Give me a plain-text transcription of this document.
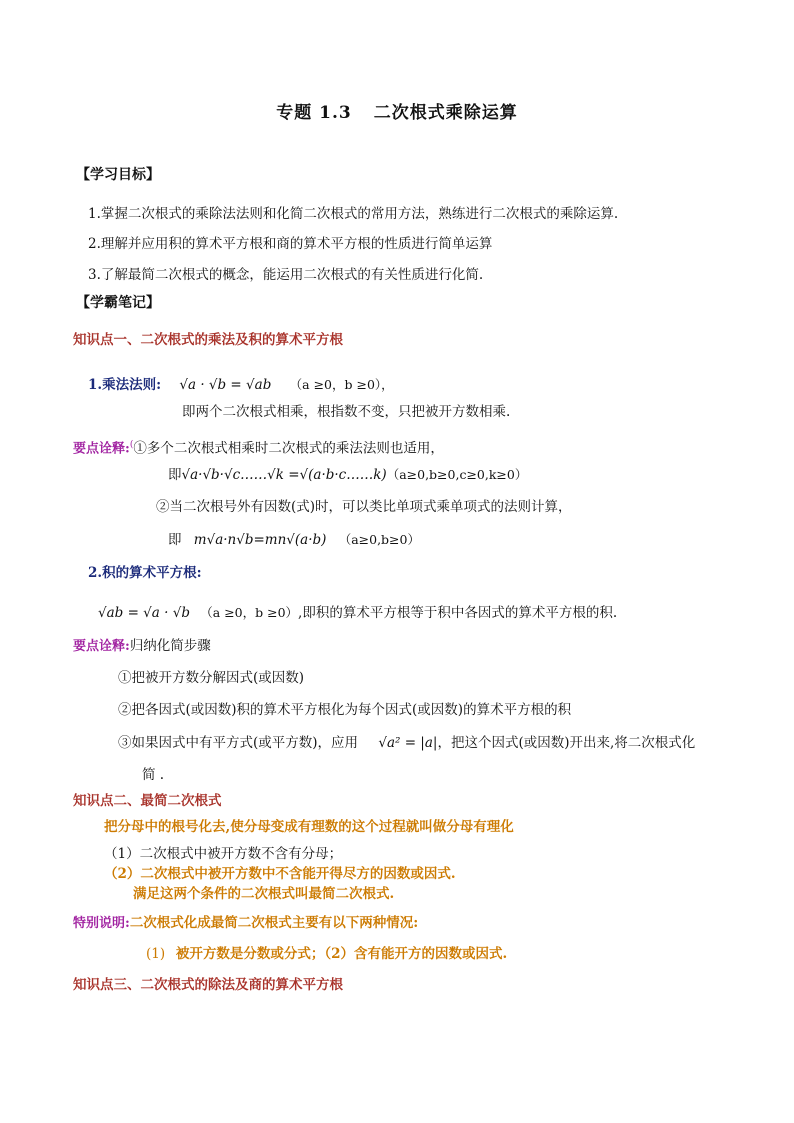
专题 1.3 二次根式乘除运算
【学习目标】
1.掌握二次根式的乘除法法则和化简二次根式的常用方法，熟练进行二次根式的乘除运算.
2.理解并应用积的算术平方根和商的算术平方根的性质进行简单运算
3.了解最简二次根式的概念，能运用二次根式的有关性质进行化简.
【学霸笔记】
知识点一、二次根式的乘法及积的算术平方根
1.乘法法则: √a · √b = √ab （a ≥0，b ≥0），
即两个二次根式相乘，根指数不变，只把被开方数相乘.
要点诠释:(①多个二次根式相乘时二次根式的乘法法则也适用，
即√a·√b·√c……√k =√(a·b·c……k)（a≥0,b≥0,c≥0,k≥0）
②当二次根号外有因数(式)时，可以类比单项式乘单项式的法则计算，
即 m√a·n√b=mn√(a·b) （a≥0,b≥0）
2.积的算术平方根:
√ab = √a · √b （a ≥0，b ≥0）,即积的算术平方根等于积中各因式的算术平方根的积.
要点诠释:归纳化简步骤
①把被开方数分解因式(或因数)
②把各因式(或因数)积的算术平方根化为每个因式(或因数)的算术平方根的积
③如果因式中有平方式(或平方数)，应用 √a² = |a|，把这个因式(或因数)开出来,将二次根式化
简 .
知识点二、最简二次根式
把分母中的根号化去,使分母变成有理数的这个过程就叫做分母有理化
（1）二次根式中被开方数不含有分母；
（2）二次根式中被开方数中不含能开得尽方的因数或因式.
满足这两个条件的二次根式叫最简二次根式.
特别说明:二次根式化成最简二次根式主要有以下两种情况:
(1) 被开方数是分数或分式；（2）含有能开方的因数或因式.
知识点三、二次根式的除法及商的算术平方根
